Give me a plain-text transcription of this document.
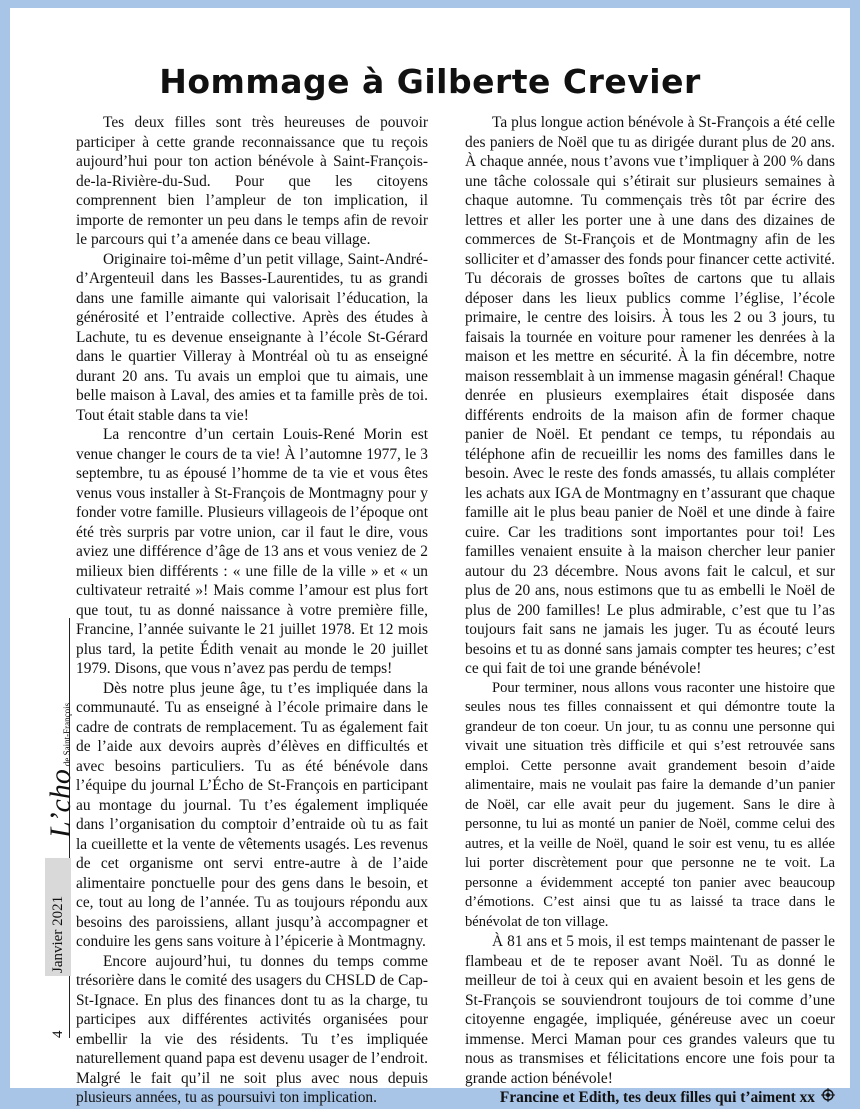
Hommage à Gilberte Crevier

Tes deux filles sont très heureuses de pouvoir participer à cette grande reconnaissance que tu reçois aujourd’hui pour ton action bénévole à Saint-François-de-la-Rivière-du-Sud. Pour que les citoyens comprennent bien l’ampleur de ton implication, il importe de remonter un peu dans le temps afin de revoir le parcours qui t’a amenée dans ce beau village.

Originaire toi-même d’un petit village, Saint-André-d’Argenteuil dans les Basses-Laurentides, tu as grandi dans une famille aimante qui valorisait l’éducation, la générosité et l’entraide collective. Après des études à Lachute, tu es devenue enseignante à l’école St-Gérard dans le quartier Villeray à Montréal où tu as enseigné durant 20 ans. Tu avais un emploi que tu aimais, une belle maison à Laval, des amies et ta famille près de toi. Tout était stable dans ta vie!

La rencontre d’un certain Louis-René Morin est venue changer le cours de ta vie! À l’automne 1977, le 3 septembre, tu as épousé l’homme de ta vie et vous êtes venus vous installer à St-François de Montmagny pour y fonder votre famille. Plusieurs villageois de l’époque ont été très surpris par votre union, car il faut le dire, vous aviez une différence d’âge de 13 ans et vous veniez de 2 milieux bien différents : « une fille de la ville » et « un cultivateur retraité »! Mais comme l’amour est plus fort que tout, tu as donné naissance à votre première fille, Francine, l’année suivante le 21 juillet 1978. Et 12 mois plus tard, la petite Édith venait au monde le 20 juillet 1979. Disons, que vous n’avez pas perdu de temps!

Dès notre plus jeune âge, tu t’es impliquée dans la communauté. Tu as enseigné à l’école primaire dans le cadre de contrats de remplacement. Tu as également fait de l’aide aux devoirs auprès d’élèves en difficultés et avec besoins particuliers. Tu as été bénévole dans l’équipe du journal L’Écho de St-François en participant au montage du journal. Tu t’es également impliquée dans l’organisation du comptoir d’entraide où tu as fait la cueillette et la vente de vêtements usagés. Les revenus de cet organisme ont servi entre-autre à de l’aide alimentaire ponctuelle pour des gens dans le besoin, et ce, tout au long de l’année. Tu as toujours répondu aux besoins des paroissiens, allant jusqu’à accompagner et conduire les gens sans voiture à l’épicerie à Montmagny.

Encore aujourd’hui, tu donnes du temps comme trésorière dans le comité des usagers du CHSLD de Cap-St-Ignace. En plus des finances dont tu as la charge, tu participes aux différentes activités organisées pour embellir la vie des résidents. Tu t’es impliquée naturellement quand papa est devenu usager de l’endroit. Malgré le fait qu’il ne soit plus avec nous depuis plusieurs années, tu as poursuivi ton implication.

Ta plus longue action bénévole à St-François a été celle des paniers de Noël que tu as dirigée durant plus de 20 ans. À chaque année, nous t’avons vue t’impliquer à 200 % dans une tâche colossale qui s’étirait sur plusieurs semaines à chaque automne. Tu commençais très tôt par écrire des lettres et aller les porter une à une dans des dizaines de commerces de St-François et de Montmagny afin de les solliciter et d’amasser des fonds pour financer cette activité. Tu décorais de grosses boîtes de cartons que tu allais déposer dans les lieux publics comme l’église, l’école primaire, le centre des loisirs. À tous les 2 ou 3 jours, tu faisais la tournée en voiture pour ramener les denrées à la maison et les mettre en sécurité. À la fin décembre, notre maison ressemblait à un immense magasin général! Chaque denrée en plusieurs exemplaires était disposée dans différents endroits de la maison afin de former chaque panier de Noël. Et pendant ce temps, tu répondais au téléphone afin de recueillir les noms des familles dans le besoin. Avec le reste des fonds amassés, tu allais compléter les achats aux IGA de Montmagny en t’assurant que chaque famille ait le plus beau panier de Noël et une dinde à faire cuire. Car les traditions sont importantes pour toi! Les familles venaient ensuite à la maison chercher leur panier autour du 23 décembre. Nous avons fait le calcul, et sur plus de 20 ans, nous estimons que tu as embelli le Noël de plus de 200 familles! Le plus admirable, c’est que tu l’as toujours fait sans ne jamais les juger. Tu as écouté leurs besoins et tu as donné sans jamais compter tes heures; c’est ce qui fait de toi une grande bénévole!

Pour terminer, nous allons vous raconter une histoire que seules nous tes filles connaissent et qui démontre toute la grandeur de ton coeur. Un jour, tu as connu une personne qui vivait une situation très difficile et qui s’est retrouvée sans emploi. Cette personne avait grandement besoin d’aide alimentaire, mais ne voulait pas faire la demande d’un panier de Noël, car elle avait peur du jugement. Sans le dire à personne, tu lui as monté un panier de Noël, comme celui des autres, et la veille de Noël, quand le soir est venu, tu es allée lui porter discrètement pour que personne ne te voit. La personne a évidemment accepté ton panier avec beaucoup d’émotions. C’est ainsi que tu as laissé ta trace dans le bénévolat de ton village.

À 81 ans et 5 mois, il est temps maintenant de passer le flambeau et de te reposer avant Noël. Tu as donné le meilleur de toi à ceux qui en avaient besoin et les gens de St-François se souviendront toujours de toi comme d’une citoyenne engagée, impliquée, généreuse avec un coeur immense. Merci Maman pour ces grandes valeurs que tu nous as transmises et félicitations encore une fois pour ta grande action bénévole!

Francine et Edith, tes deux filles qui t’aiment xx

L’chode Saint-François
Janvier 2021
4
